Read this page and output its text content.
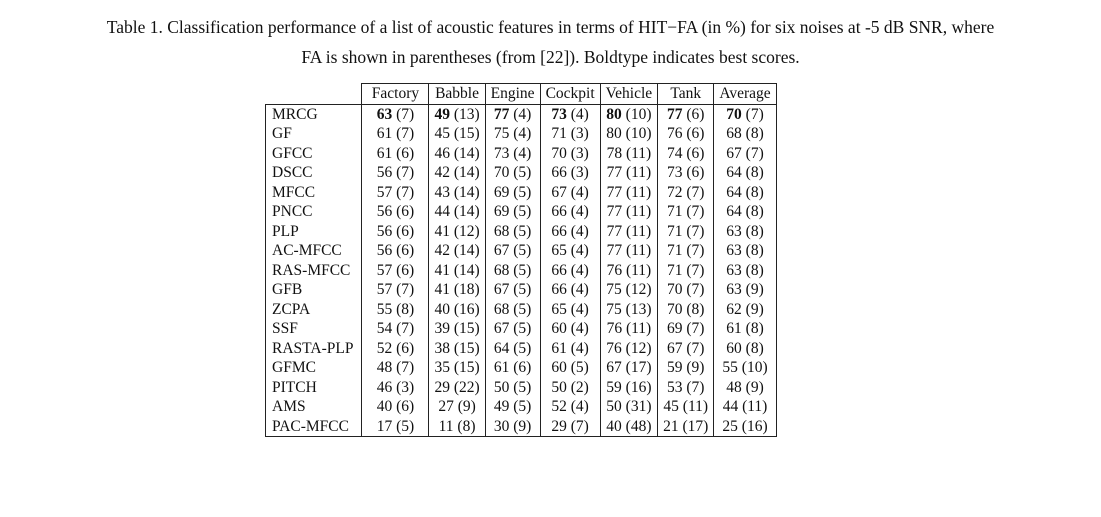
Table 1. Classification performance of a list of acoustic features in terms of HIT−FA (in %) for six noises at -5 dB SNR, where
FA is shown in parentheses (from [22]). Boldtype indicates best scores.
	Factory	Babble	Engine	Cockpit	Vehicle	Tank	Average
MRCG	63 (7)	49 (13)	77 (4)	73 (4)	80 (10)	77 (6)	70 (7)
GF	61 (7)	45 (15)	75 (4)	71 (3)	80 (10)	76 (6)	68 (8)
GFCC	61 (6)	46 (14)	73 (4)	70 (3)	78 (11)	74 (6)	67 (7)
DSCC	56 (7)	42 (14)	70 (5)	66 (3)	77 (11)	73 (6)	64 (8)
MFCC	57 (7)	43 (14)	69 (5)	67 (4)	77 (11)	72 (7)	64 (8)
PNCC	56 (6)	44 (14)	69 (5)	66 (4)	77 (11)	71 (7)	64 (8)
PLP	56 (6)	41 (12)	68 (5)	66 (4)	77 (11)	71 (7)	63 (8)
AC-MFCC	56 (6)	42 (14)	67 (5)	65 (4)	77 (11)	71 (7)	63 (8)
RAS-MFCC	57 (6)	41 (14)	68 (5)	66 (4)	76 (11)	71 (7)	63 (8)
GFB	57 (7)	41 (18)	67 (5)	66 (4)	75 (12)	70 (7)	63 (9)
ZCPA	55 (8)	40 (16)	68 (5)	65 (4)	75 (13)	70 (8)	62 (9)
SSF	54 (7)	39 (15)	67 (5)	60 (4)	76 (11)	69 (7)	61 (8)
RASTA-PLP	52 (6)	38 (15)	64 (5)	61 (4)	76 (12)	67 (7)	60 (8)
GFMC	48 (7)	35 (15)	61 (6)	60 (5)	67 (17)	59 (9)	55 (10)
PITCH	46 (3)	29 (22)	50 (5)	50 (2)	59 (16)	53 (7)	48 (9)
AMS	40 (6)	27 (9)	49 (5)	52 (4)	50 (31)	45 (11)	44 (11)
PAC-MFCC	17 (5)	11 (8)	30 (9)	29 (7)	40 (48)	21 (17)	25 (16)
